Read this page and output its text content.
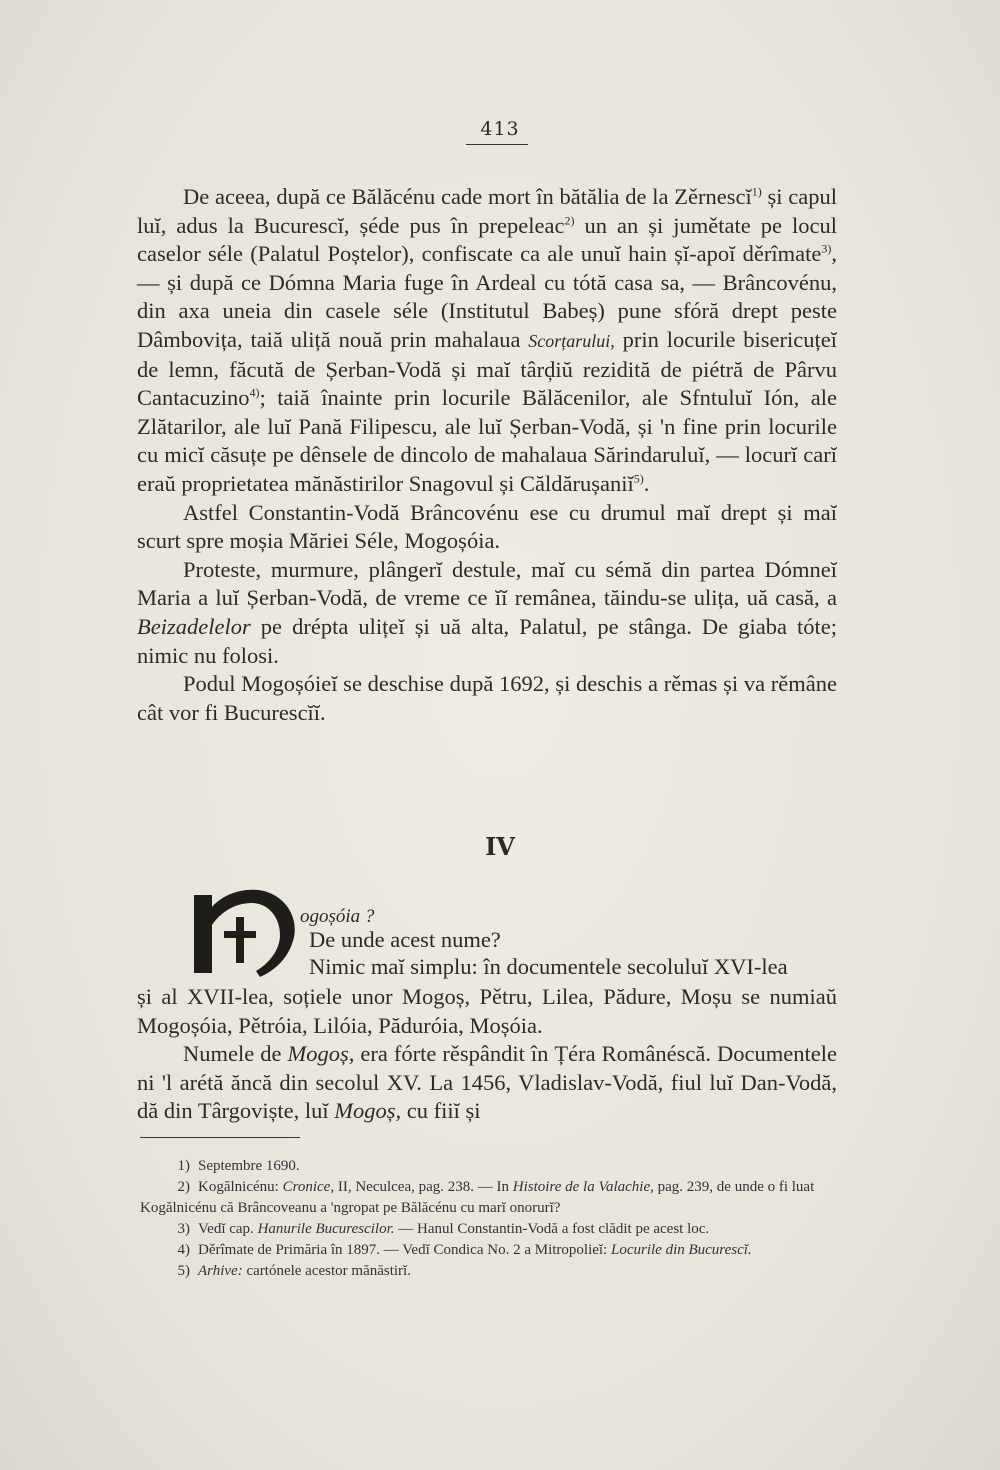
413

De aceea, după ce Bălăcénu cade mort în bătălia de la Zěrnescĭ$^{1)}$ și capul luĭ, adus la Bucurescĭ, șéde pus în prepeleac$^{2)}$ un an și jumětate pe locul caselor séle (Palatul Poștelor), confiscate ca ale unuĭ hain șĭ-apoĭ děrîmate$^{3)}$, — și după ce Dómna Maria fuge în Ardeal cu tótă casa sa, — Brâncovénu, din axa uneia din casele séle (Institutul Babeș) pune sfóră drept peste Dâmbovița, taiă uliță nouă prin mahalaua Scorțarului, prin locurile bisericuțeĭ de lemn, făcută de Șerban-Vodă și maĭ târḑiŭ rezidită de piétră de Pârvu Cantacuzino$^{4)}$; taiă înainte prin locurile Bălăcenilor, ale Sfntuluĭ Ión, ale Zlătarilor, ale luĭ Pană Filipescu, ale luĭ Șerban-Vodă, și 'n fine prin locurile cu micĭ căsuțe pe dênsele de dincolo de mahalaua Sărindaruluĭ, — locurĭ carĭ eraŭ proprietatea mănăstirilor Snagovul și Căldărușaniĭ$^{5)}$.

Astfel Constantin-Vodă Brâncovénu ese cu drumul maĭ drept și maĭ scurt spre moșia Măriei Séle, Mogoșóia.

Proteste, murmure, plângerĭ destule, maĭ cu sémă din partea Dómneĭ Maria a luĭ Șerban-Vodă, de vreme ce ĭĭ remânea, tăindu-se ulița, uă casă, a Beizadelelor pe drépta ulițeĭ și uă alta, Palatul, pe stânga. De giaba tóte; nimic nu folosi.

Podul Mogoșóieĭ se deschise după 1692, și deschis a rěmas și va rěmâne cât vor fi Bucurescĭĭ.

IV
ogoșóia ?
De unde acest nume?
Nimic maĭ simplu: în documentele secoluluĭ XVI-lea

și al XVII-lea, soțiele unor Mogoș, Pětru, Lilea, Pădure, Moșu se numiaŭ Mogoșóia, Pětróia, Lilóia, Pădurói​a, Moșóia.

Numele de Mogoș, era fórte rěspândit în Țéra Românéscă. Documentele ni 'l arétă ăncă din secolul XV. La 1456, Vladislav-Vodă, fiul luĭ Dan-Vodă, dă din Târgoviște, luĭ Mogoș, cu fiiĭ și

1) Septembre 1690.

2) Kogălnicénu: Cronice, II, Neculcea, pag. 238. — In Histoire de la Valachie, pag. 239, de unde o fi luat Kogălnicénu că Brâncoveanu a 'ngropat pe Bălăcénu cu marĭ onorurĭ?

3) Vedĭ cap. Hanurile Bucurescilor. — Hanul Constantin-Vodă a fost clădit pe acest loc.

4) Děrîmate de Primăria în 1897. — Vedĭ Condica No. 2 a Mitropolieĭ: Locurile din Bucurescĭ.

5) Arhive: cartónele acestor mănăstirĭ.
